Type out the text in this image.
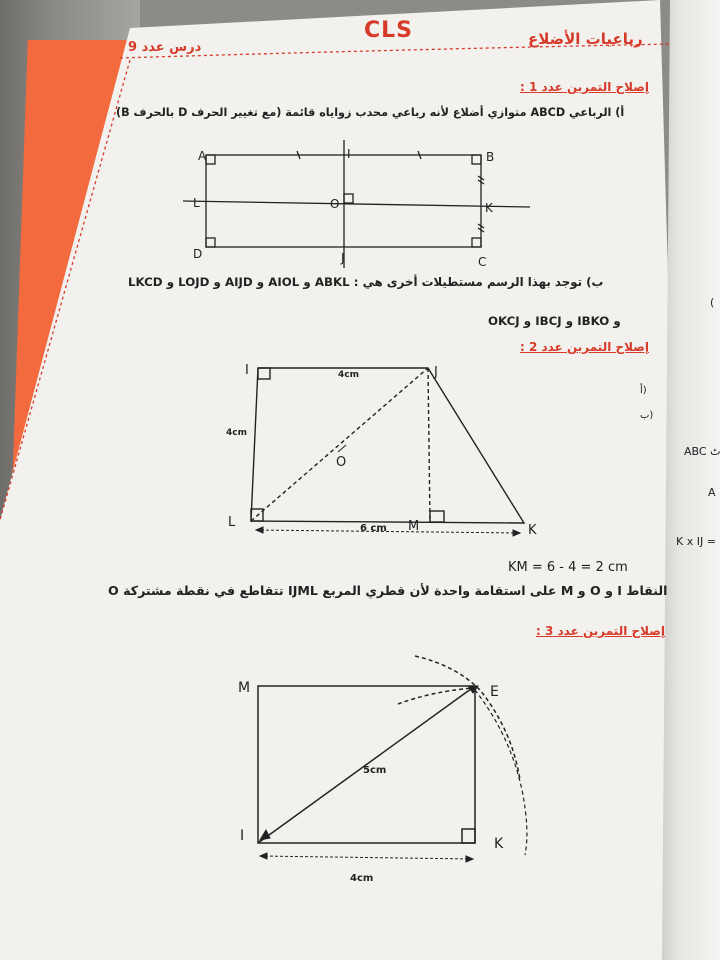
درس عدد 9
CLS	رباعيات الأضلاع
إصلاح التمرين عدد 1 :
أ) الرباعي ABCD متوازي أضلاع لأنه رباعي محدب زواياه قائمة (مع تغيير الحرف D بالحرف B)
A	B
C
D
I
J
K
L	O
ب) توجد بهذا الرسم مستطيلات أخرى هي : ABKL و AIOL و AIJD و LOJD و LKCD
و IBKO و IBCJ و OKCJ
إصلاح التمرين عدد 2 :
I	J
L	M	K
O
4cm
4cm
6 cm
KM = 6 - 4 = 2 cm
النقاط I و O و M على استقامة واحدة لأن قطري المربع IJML تتقاطع في نقطة مشتركة O
إصلاح التمرين عدد 3 :
M	E
I	K
5cm
4cm
ABC ٹ
A
K x IJ =
(
أ)
ب)
